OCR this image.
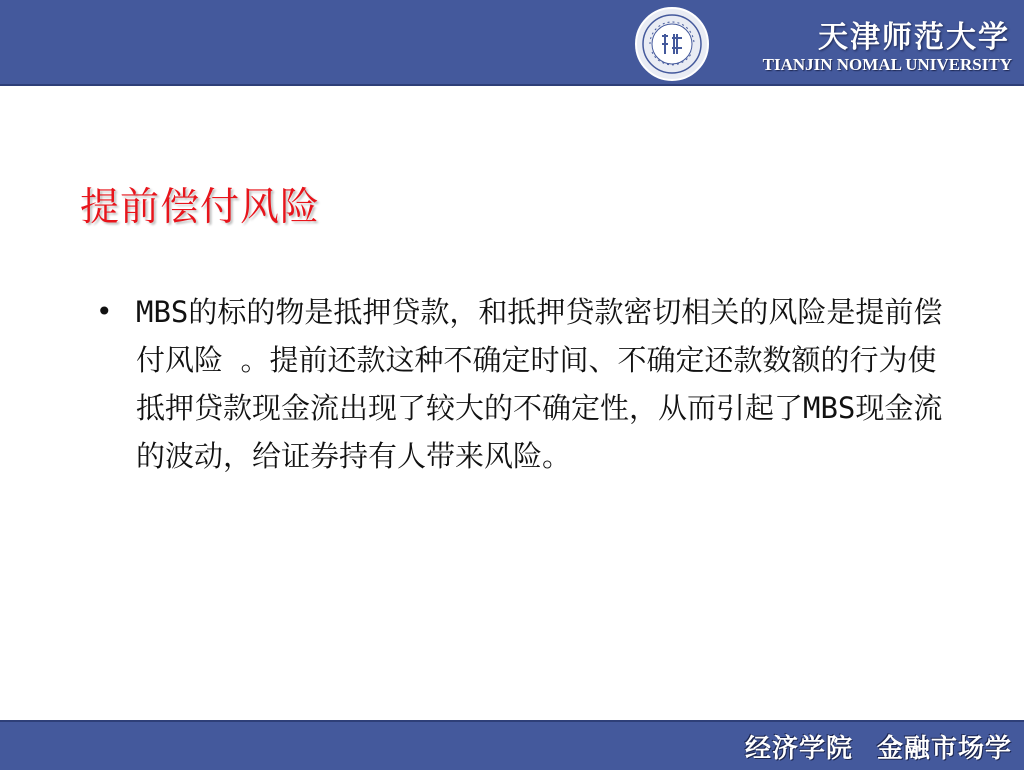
天津师范大学
TIANJIN NOMAL UNIVERSITY
提前偿付风险
• MBS的标的物是抵押贷款，和抵押贷款密切相关的风险是提前偿付风险 。提前还款这种不确定时间、不确定还款数额的行为使抵押贷款现金流出现了较大的不确定性，从而引起了MBS现金流的波动，给证券持有人带来风险。
经济学院 金融市场学
